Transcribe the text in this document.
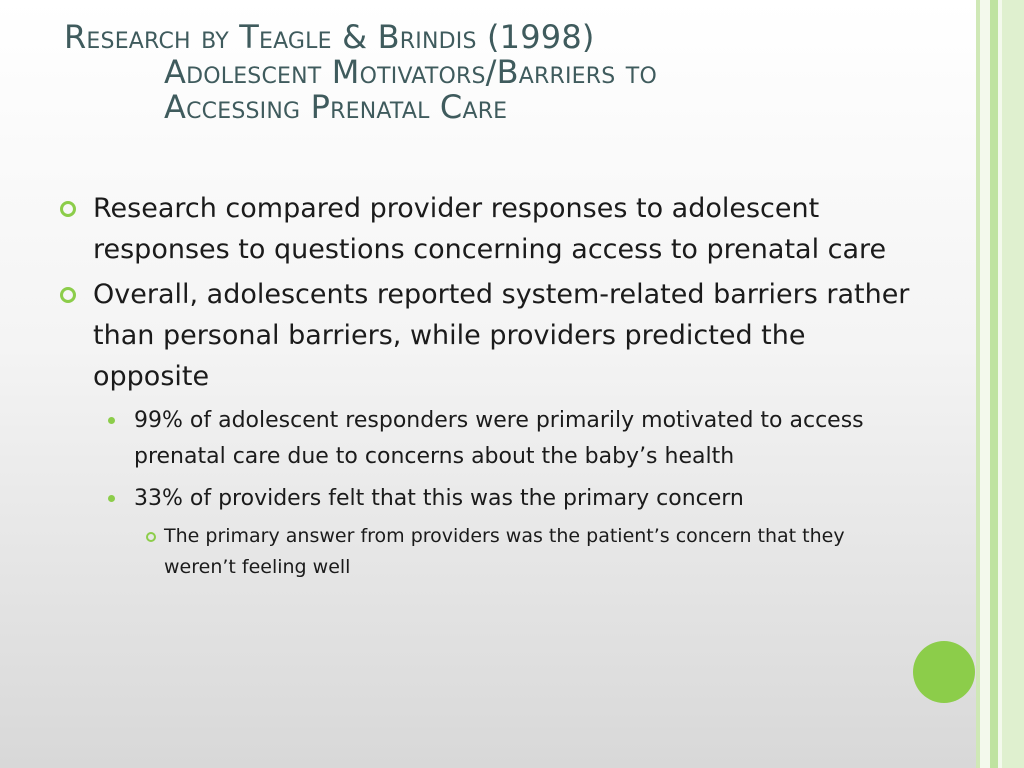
Research by Teagle & Brindis (1998)
Adolescent Motivators/Barriers to
Accessing Prenatal Care
Research compared provider responses to adolescent responses to questions concerning access to prenatal care
Overall, adolescents reported system-related barriers rather than personal barriers, while providers predicted the opposite
99% of adolescent responders were primarily motivated to access prenatal care due to concerns about the baby’s health
33% of providers felt that this was the primary concern
The primary answer from providers was the patient’s concern that they weren’t feeling well
